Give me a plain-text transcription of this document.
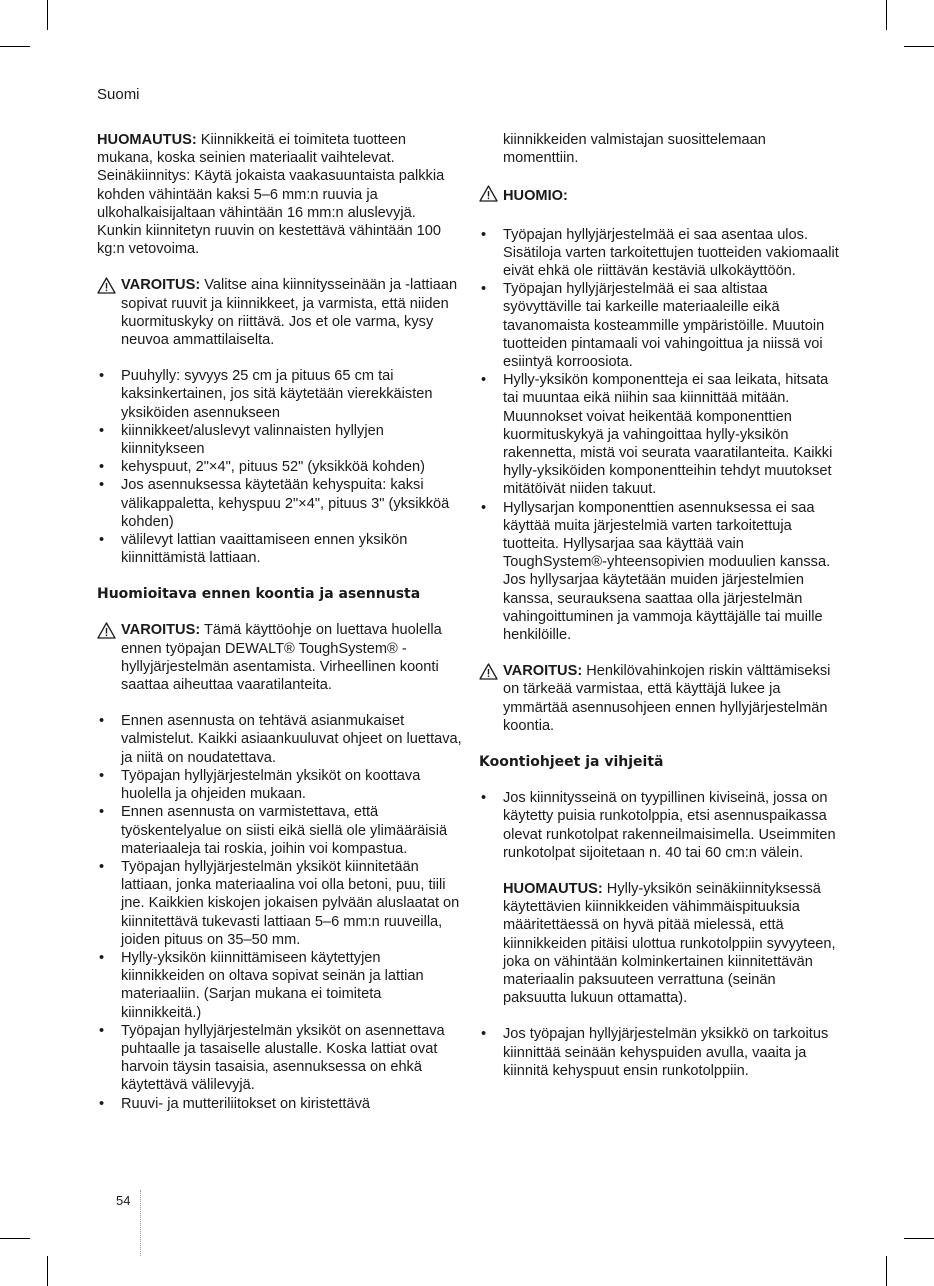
Suomi

HUOMAUTUS: Kiinnikkeitä ei toimiteta tuotteen mukana, koska seinien materiaalit vaihtelevat. Seinäkiinnitys: Käytä jokaista vaakasuuntaista palkkia kohden vähintään kaksi 5–6 mm:n ruuvia ja ulkohalkaisijaltaan vähintään 16 mm:n aluslevyjä. Kunkin kiinnitetyn ruuvin on kestettävä vähintään 100 kg:n vetovoima.

VAROITUS: Valitse aina kiinnitysseinään ja -lattiaan sopivat ruuvit ja kiinnikkeet, ja varmista, että niiden kuormituskyky on riittävä. Jos et ole varma, kysy neuvoa ammattilaiselta.

• Puuhylly: syvyys 25 cm ja pituus 65 cm tai kaksinkertainen, jos sitä käytetään vierekkäisten yksiköiden asennukseen
• kiinnikkeet/aluslevyt valinnaisten hyllyjen kiinnitykseen
• kehyspuut, 2"×4", pituus 52" (yksikköä kohden)
• Jos asennuksessa käytetään kehyspuita: kaksi välikappaletta, kehyspuu 2"×4", pituus 3" (yksikköä kohden)
• välilevyt lattian vaaittamiseen ennen yksikön kiinnittämistä lattiaan.
Huomioitava ennen koontia ja asennusta

VAROITUS: Tämä käyttöohje on luettava huolella ennen työpajan DEWALT® ToughSystem® -hyllyjärjestelmän asentamista. Virheellinen koonti saattaa aiheuttaa vaaratilanteita.

• Ennen asennusta on tehtävä asianmukaiset valmistelut. Kaikki asiaankuuluvat ohjeet on luettava, ja niitä on noudatettava.
• Työpajan hyllyjärjestelmän yksiköt on koottava huolella ja ohjeiden mukaan.
• Ennen asennusta on varmistettava, että työskentelyalue on siisti eikä siellä ole ylimääräisiä materiaaleja tai roskia, joihin voi kompastua.
• Työpajan hyllyjärjestelmän yksiköt kiinnitetään lattiaan, jonka materiaalina voi olla betoni, puu, tiili jne. Kaikkien kiskojen jokaisen pylvään aluslaatat on kiinnitettävä tukevasti lattiaan 5–6 mm:n ruuveilla, joiden pituus on 35–50 mm.
• Hylly-yksikön kiinnittämiseen käytettyjen kiinnikkeiden on oltava sopivat seinän ja lattian materiaaliin. (Sarjan mukana ei toimiteta kiinnikkeitä.)
• Työpajan hyllyjärjestelmän yksiköt on asennettava puhtaalle ja tasaiselle alustalle. Koska lattiat ovat harvoin täysin tasaisia, asennuksessa on ehkä käytettävä välilevyjä.
• Ruuvi- ja mutteriliitokset on kiristettävä

kiinnikkeiden valmistajan suosittelemaan momenttiin.

HUOMIO:
• Työpajan hyllyjärjestelmää ei saa asentaa ulos. Sisätiloja varten tarkoitettujen tuotteiden vakiomaalit eivät ehkä ole riittävän kestäviä ulkokäyttöön.
• Työpajan hyllyjärjestelmää ei saa altistaa syövyttäville tai karkeille materiaaleille eikä tavanomaista kosteammille ympäristöille. Muutoin tuotteiden pintamaali voi vahingoittua ja niissä voi esiintyä korroosiota.
• Hylly-yksikön komponentteja ei saa leikata, hitsata tai muuntaa eikä niihin saa kiinnittää mitään. Muunnokset voivat heikentää komponenttien kuormituskykyä ja vahingoittaa hylly-yksikön rakennetta, mistä voi seurata vaaratilanteita. Kaikki hylly-yksiköiden komponentteihin tehdyt muutokset mitätöivät niiden takuut.
• Hyllysarjan komponenttien asennuksessa ei saa käyttää muita järjestelmiä varten tarkoitettuja tuotteita. Hyllysarjaa saa käyttää vain ToughSystem®-yhteensopivien moduulien kanssa. Jos hyllysarjaa käytetään muiden järjestelmien kanssa, seurauksena saattaa olla järjestelmän vahingoittuminen ja vammoja käyttäjälle tai muille henkilöille.

VAROITUS: Henkilövahinkojen riskin välttämiseksi on tärkeää varmistaa, että käyttäjä lukee ja ymmärtää asennusohjeen ennen hyllyjärjestelmän koontia.

Koontiohjeet ja vihjeitä
• Jos kiinnitysseinä on tyypillinen kiviseinä, jossa on käytetty puisia runkotolppia, etsi asennuspaikassa olevat runkotolpat rakenneilmaisimella. Useimmiten runkotolpat sijoitetaan n. 40 tai 60 cm:n välein.

HUOMAUTUS: Hylly-yksikön seinäkiinnityksessä käytettävien kiinnikkeiden vähimmäispituuksia määritettäessä on hyvä pitää mielessä, että kiinnikkeiden pitäisi ulottua runkotolppiin syvyyteen, joka on vähintään kolminkertainen kiinnitettävän materiaalin paksuuteen verrattuna (seinän paksuutta lukuun ottamatta).

• Jos työpajan hyllyjärjestelmän yksikkö on tarkoitus kiinnittää seinään kehyspuiden avulla, vaaita ja kiinnitä kehyspuut ensin runkotolppiin.
54
